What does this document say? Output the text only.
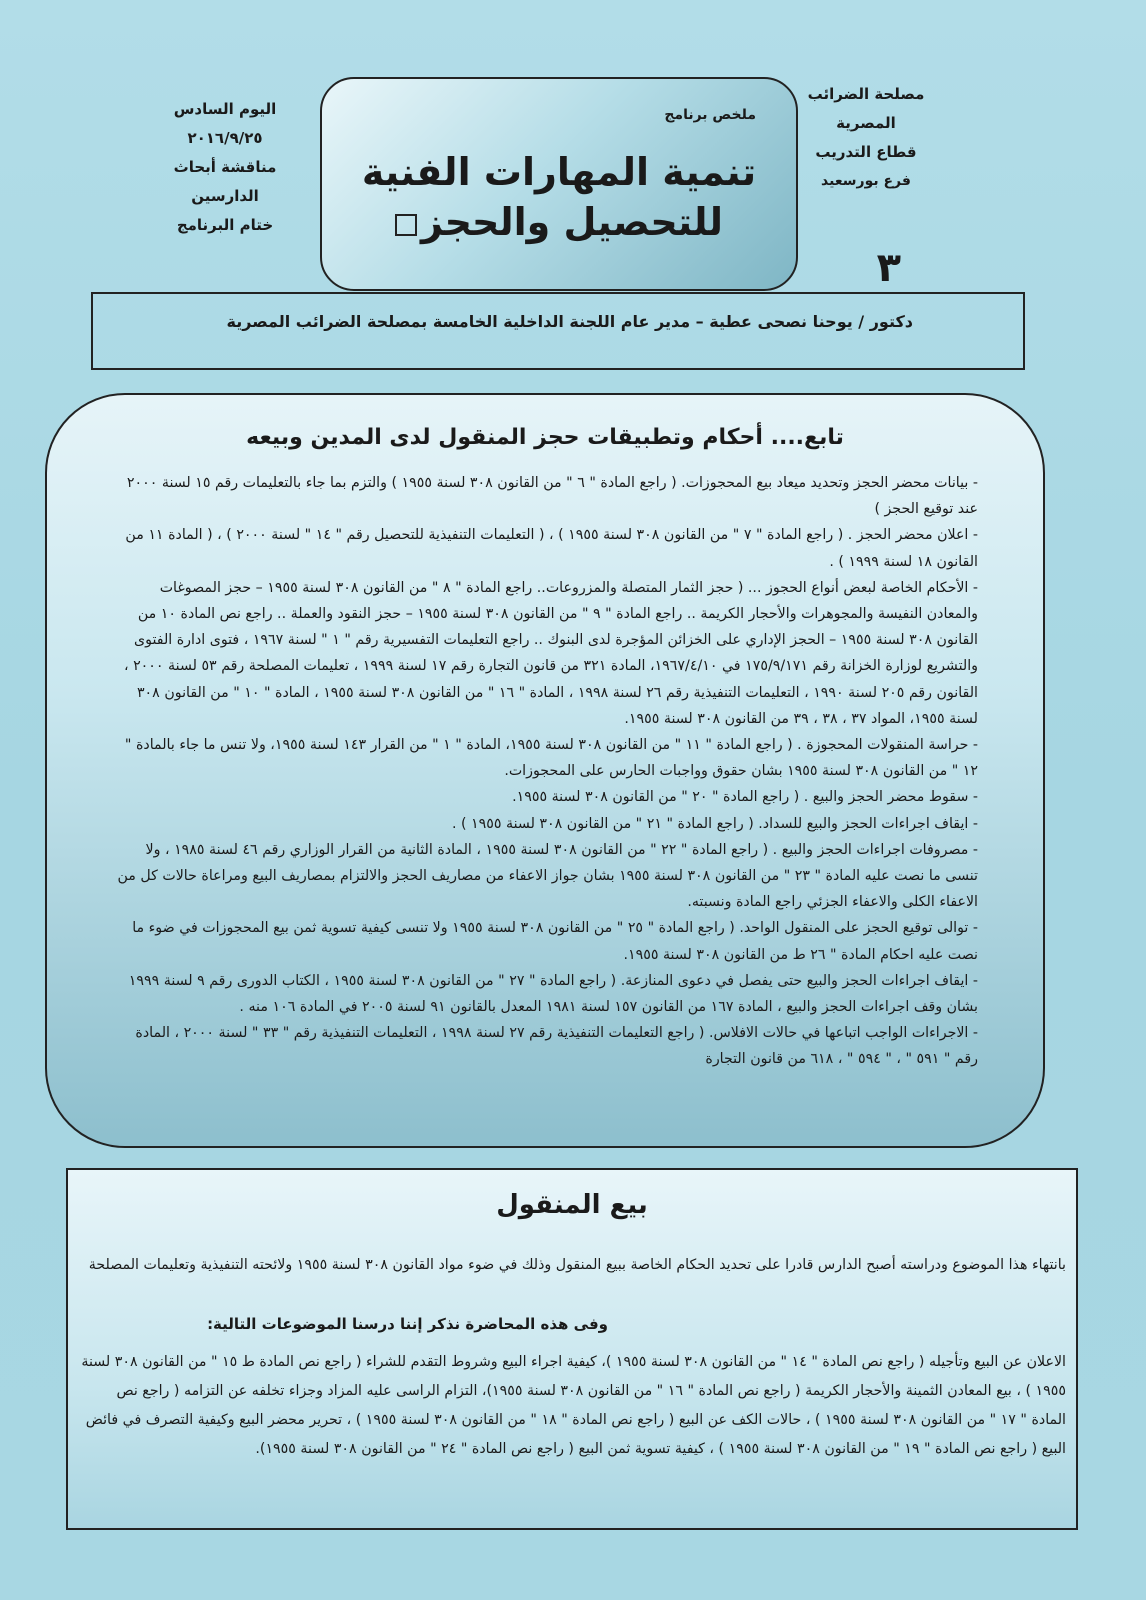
مصلحة الضرائب المصرية
قطاع التدريب
فرع بورسعيد
٣
اليوم السادس
٢٠١٦/٩/٢٥
مناقشة أبحاث الدارسين
ختام البرنامج
ملخص برنامج
تنمية المهارات الفنية
للتحصيل والحجز
دكتور / يوحنا نصحى عطية – مدير عام اللجنة الداخلية الخامسة بمصلحة الضرائب المصرية
تابع.... أحكام وتطبيقات حجز المنقول لدى المدين وبيعه
- بيانات محضر الحجز وتحديد ميعاد بيع المحجوزات. ( راجع المادة " ٦ " من القانون ٣٠٨ لسنة ١٩٥٥ ) والتزم بما جاء بالتعليمات رقم ١٥ لسنة ٢٠٠٠ عند توقيع الحجز )
- اعلان محضر الحجز . ( راجع المادة " ٧ " من القانون ٣٠٨ لسنة ١٩٥٥ ) ، ( التعليمات التنفيذية للتحصيل رقم " ١٤ " لسنة ٢٠٠٠ ) ، ( المادة ١١ من القانون ١٨ لسنة ١٩٩٩ ) .
- الأحكام الخاصة لبعض أنواع الحجوز ... ( حجز الثمار المتصلة والمزروعات.. راجع المادة " ٨ " من القانون ٣٠٨ لسنة ١٩٥٥ – حجز المصوغات والمعادن النفيسة والمجوهرات والأحجار الكريمة .. راجع المادة " ٩ " من القانون ٣٠٨ لسنة ١٩٥٥ – حجز النقود والعملة .. راجع نص المادة ١٠ من القانون ٣٠٨ لسنة ١٩٥٥ – الحجز الإداري على الخزائن المؤجرة لدى البنوك .. راجع التعليمات التفسيرية رقم " ١ " لسنة ١٩٦٧ ، فتوى ادارة الفتوى والتشريع لوزارة الخزانة رقم ١٧٥/٩/١٧١ في ١٩٦٧/٤/١٠، المادة ٣٢١ من قانون التجارة رقم ١٧ لسنة ١٩٩٩ ، تعليمات المصلحة رقم ٥٣ لسنة ٢٠٠٠ ، القانون رقم ٢٠٥ لسنة ١٩٩٠ ، التعليمات التنفيذية رقم ٢٦ لسنة ١٩٩٨ ، المادة " ١٦ " من القانون ٣٠٨ لسنة ١٩٥٥ ، المادة " ١٠ " من القانون ٣٠٨ لسنة ١٩٥٥، المواد ٣٧ ، ٣٨ ، ٣٩ من القانون ٣٠٨ لسنة ١٩٥٥.
- حراسة المنقولات المحجوزة . ( راجع المادة " ١١ " من القانون ٣٠٨ لسنة ١٩٥٥، المادة " ١ " من القرار ١٤٣ لسنة ١٩٥٥، ولا تنس ما جاء بالمادة " ١٢ " من القانون ٣٠٨ لسنة ١٩٥٥ بشان حقوق وواجبات الحارس على المحجوزات.
- سقوط محضر الحجز والبيع . ( راجع المادة " ٢٠ " من القانون ٣٠٨ لسنة ١٩٥٥.
- ايقاف اجراءات الحجز والبيع للسداد. ( راجع المادة " ٢١ " من القانون ٣٠٨ لسنة ١٩٥٥ ) .
- مصروفات اجراءات الحجز والبيع . ( راجع المادة " ٢٢ " من القانون ٣٠٨ لسنة ١٩٥٥ ، المادة الثانية من القرار الوزاري رقم ٤٦ لسنة ١٩٨٥ ، ولا تنسى ما نصت عليه المادة " ٢٣ " من القانون ٣٠٨ لسنة ١٩٥٥ بشان جواز الاعفاء من مصاريف الحجز والالتزام بمصاريف البيع ومراعاة حالات كل من الاعفاء الكلى والاعفاء الجزئي راجع المادة ونسبته.
- توالى توقيع الحجز على المنقول الواحد. ( راجع المادة " ٢٥ " من القانون ٣٠٨ لسنة ١٩٥٥ ولا تنسى كيفية تسوية ثمن بيع المحجوزات في ضوء ما نصت عليه احكام المادة " ٢٦ ط من القانون ٣٠٨ لسنة ١٩٥٥.
- ايقاف اجراءات الحجز والبيع حتى يفصل في دعوى المنازعة. ( راجع المادة " ٢٧ " من القانون ٣٠٨ لسنة ١٩٥٥ ، الكتاب الدورى رقم ٩ لسنة ١٩٩٩ بشان وقف اجراءات الحجز والبيع ، المادة ١٦٧ من القانون ١٥٧ لسنة ١٩٨١ المعدل بالقانون ٩١ لسنة ٢٠٠٥ في المادة ١٠٦ منه .
- الاجراءات الواجب اتباعها في حالات الافلاس. ( راجع التعليمات التنفيذية رقم ٢٧ لسنة ١٩٩٨ ، التعليمات التنفيذية رقم " ٣٣ " لسنة ٢٠٠٠ ، المادة رقم " ٥٩١ " ، " ٥٩٤ " ، ٦١٨ من قانون التجارة
بيع المنقول
بانتهاء هذا الموضوع ودراسته أصبح الدارس قادرا على تحديد الحكام الخاصة ببيع المنقول وذلك في ضوء مواد القانون ٣٠٨ لسنة ١٩٥٥ ولائحته التنفيذية وتعليمات المصلحة
وفى هذه المحاضرة نذكر إننا درسنا الموضوعات التالية:
الاعلان عن البيع وتأجيله ( راجع نص المادة " ١٤ " من القانون ٣٠٨ لسنة ١٩٥٥ )، كيفية اجراء البيع وشروط التقدم للشراء ( راجع نص المادة ط ١٥ " من القانون ٣٠٨ لسنة ١٩٥٥ ) ، بيع المعادن الثمينة والأحجار الكريمة ( راجع نص المادة " ١٦ " من القانون ٣٠٨ لسنة ١٩٥٥)، التزام الراسى عليه المزاد وجزاء تخلفه عن التزامه ( راجع نص المادة " ١٧ " من القانون ٣٠٨ لسنة ١٩٥٥ ) ، حالات الكف عن البيع ( راجع نص المادة " ١٨ " من القانون ٣٠٨ لسنة ١٩٥٥ ) ، تحرير محضر البيع وكيفية التصرف في فائض البيع ( راجع نص المادة " ١٩ " من القانون ٣٠٨ لسنة ١٩٥٥ ) ، كيفية تسوية ثمن البيع ( راجع نص المادة " ٢٤ " من القانون ٣٠٨ لسنة ١٩٥٥).
